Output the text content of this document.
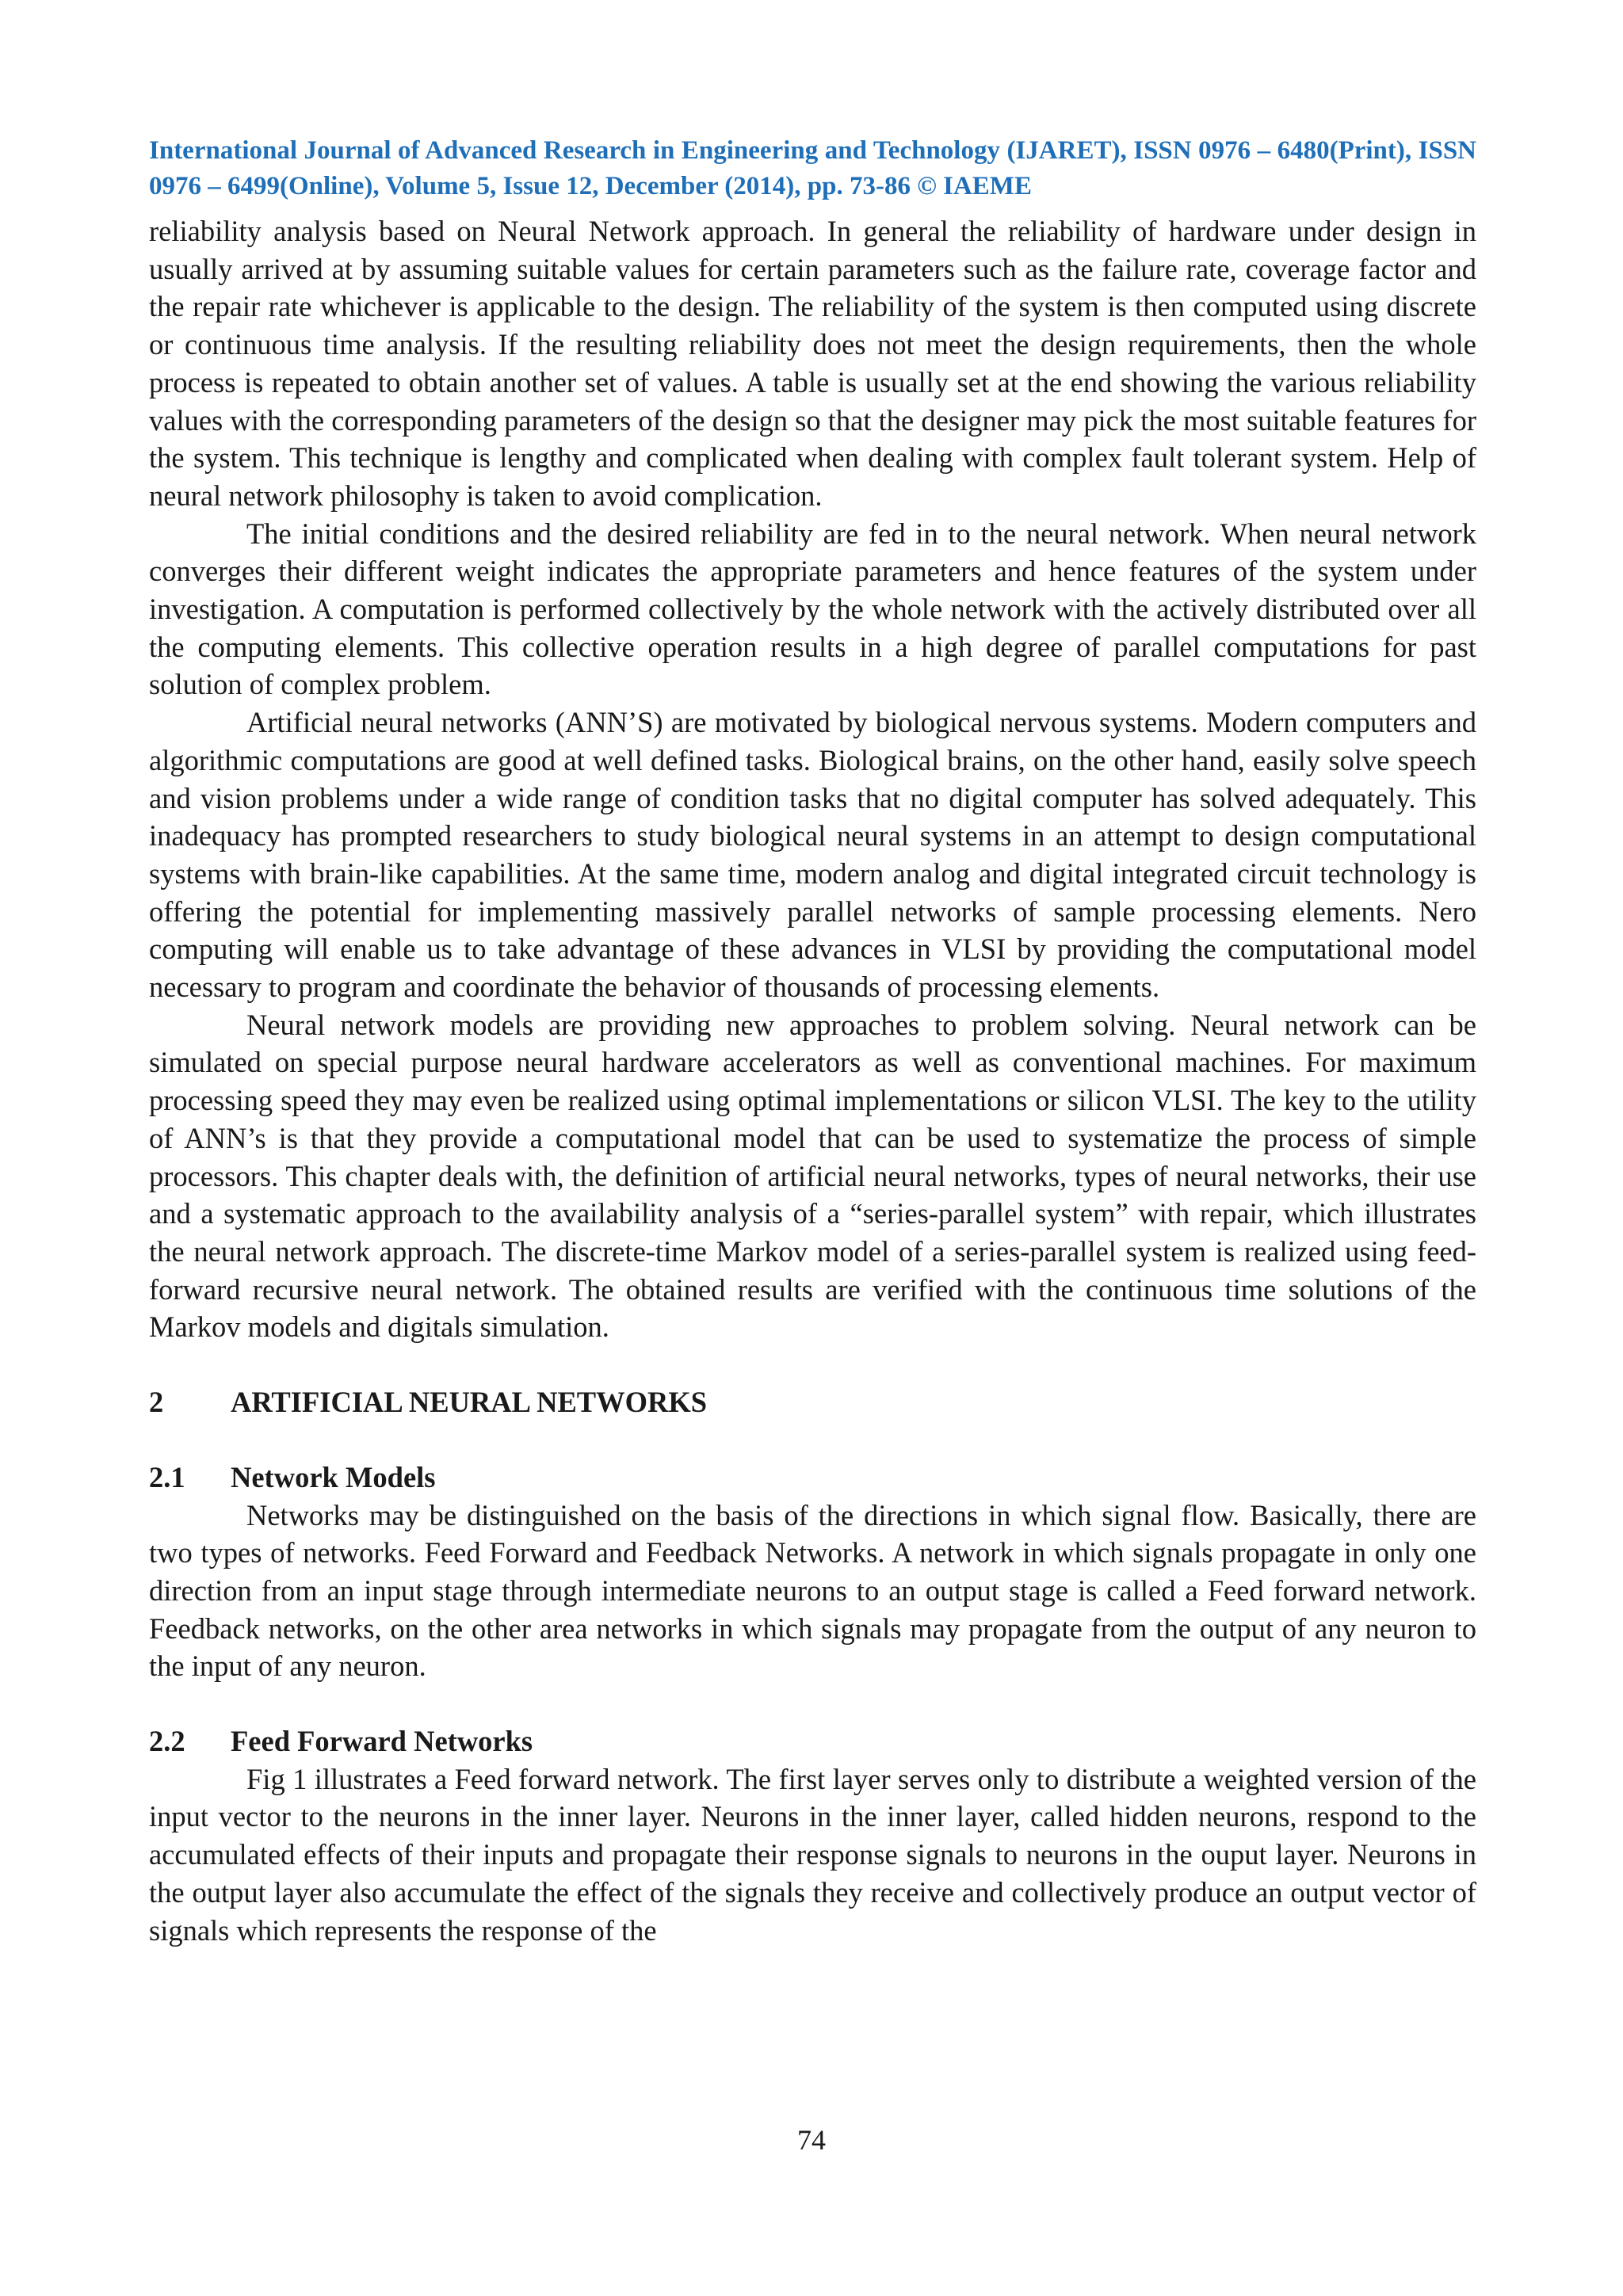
International Journal of Advanced Research in Engineering and Technology (IJARET), ISSN 0976 – 6480(Print), ISSN 0976 – 6499(Online), Volume 5, Issue 12, December (2014), pp. 73-86 © IAEME

reliability analysis based on Neural Network approach. In general the reliability of hardware under design in usually arrived at by assuming suitable values for certain parameters such as the failure rate, coverage factor and the repair rate whichever is applicable to the design. The reliability of the system is then computed using discrete or continuous time analysis. If the resulting reliability does not meet the design requirements, then the whole process is repeated to obtain another set of values. A table is usually set at the end showing the various reliability values with the corresponding parameters of the design so that the designer may pick the most suitable features for the system. This technique is lengthy and complicated when dealing with complex fault tolerant system. Help of neural network philosophy is taken to avoid complication.

The initial conditions and the desired reliability are fed in to the neural network. When neural network converges their different weight indicates the appropriate parameters and hence features of the system under investigation. A computation is performed collectively by the whole network with the actively distributed over all the computing elements. This collective operation results in a high degree of parallel computations for past solution of complex problem.

Artificial neural networks (ANN’S) are motivated by biological nervous systems. Modern computers and algorithmic computations are good at well defined tasks. Biological brains, on the other hand, easily solve speech and vision problems under a wide range of condition tasks that no digital computer has solved adequately. This inadequacy has prompted researchers to study biological neural systems in an attempt to design computational systems with brain-like capabilities. At the same time, modern analog and digital integrated circuit technology is offering the potential for implementing massively parallel networks of sample processing elements. Nero computing will enable us to take advantage of these advances in VLSI by providing the computational model necessary to program and coordinate the behavior of thousands of processing elements.

Neural network models are providing new approaches to problem solving. Neural network can be simulated on special purpose neural hardware accelerators as well as conventional machines. For maximum processing speed they may even be realized using optimal implementations or silicon VLSI. The key to the utility of ANN’s is that they provide a computational model that can be used to systematize the process of simple processors. This chapter deals with, the definition of artificial neural networks, types of neural networks, their use and a systematic approach to the availability analysis of a “series-parallel system” with repair, which illustrates the neural network approach. The discrete-time Markov model of a series-parallel system is realized using feed- forward recursive neural network. The obtained results are verified with the continuous time solutions of the Markov models and digitals simulation.

2	ARTIFICIAL NEURAL NETWORKS
2.1	Network Models

Networks may be distinguished on the basis of the directions in which signal flow. Basically, there are two types of networks. Feed Forward and Feedback Networks. A network in which signals propagate in only one direction from an input stage through intermediate neurons to an output stage is called a Feed forward network. Feedback networks, on the other area networks in which signals may propagate from the output of any neuron to the input of any neuron.

2.2	Feed Forward Networks

Fig 1 illustrates a Feed forward network. The first layer serves only to distribute a weighted version of the input vector to the neurons in the inner layer. Neurons in the inner layer, called hidden neurons, respond to the accumulated effects of their inputs and propagate their response signals to neurons in the ouput layer. Neurons in the output layer also accumulate the effect of the signals they receive and collectively produce an output vector of signals which represents the response of the

74
